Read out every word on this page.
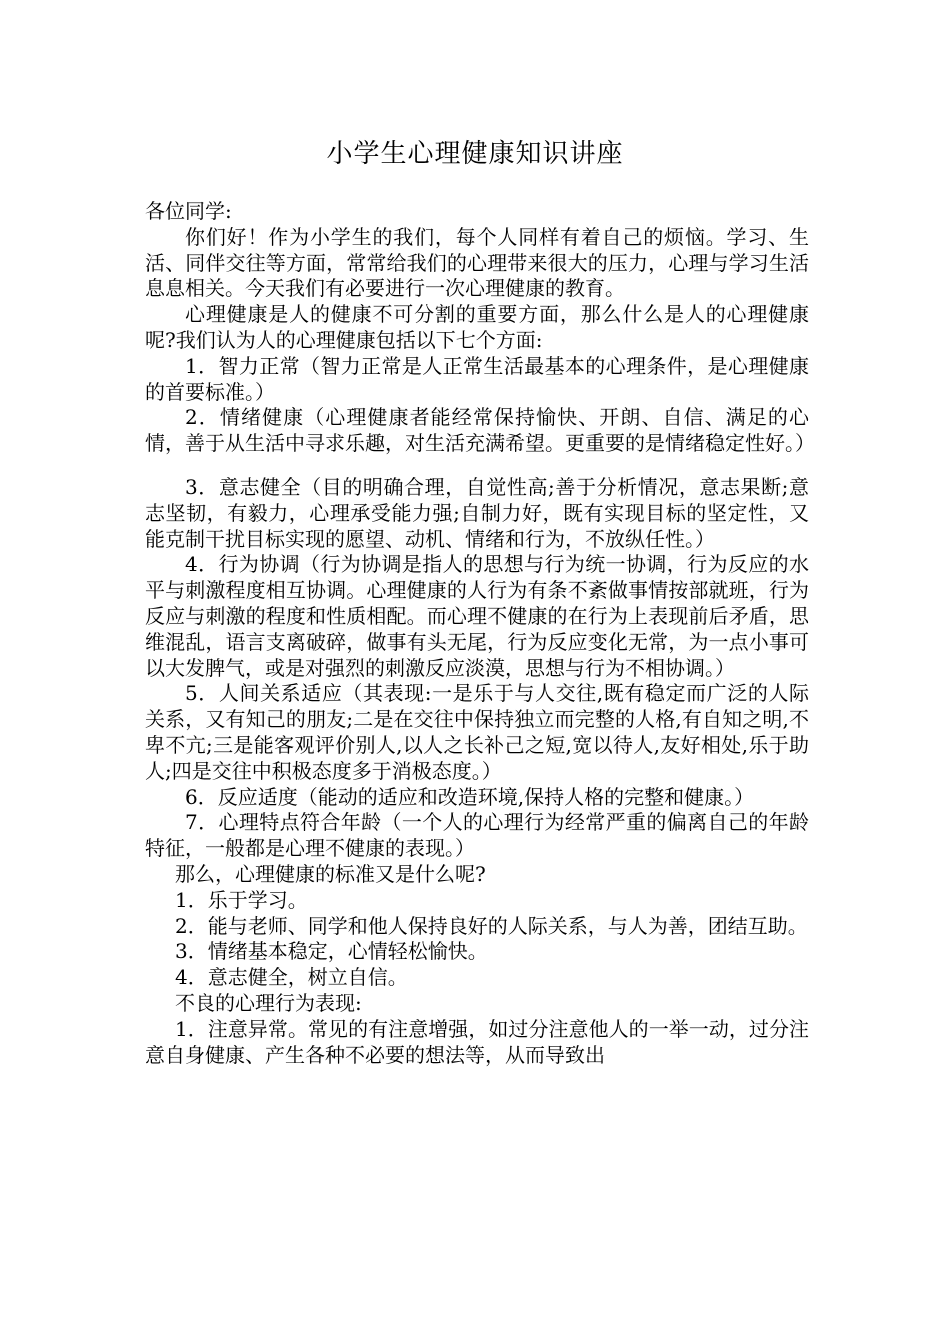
小学生心理健康知识讲座

各位同学:

你们好！作为小学生的我们，每个人同样有着自己的烦恼。学习、生活、同伴交往等方面，常常给我们的心理带来很大的压力，心理与学习生活息息相关。今天我们有必要进行一次心理健康的教育。

心理健康是人的健康不可分割的重要方面，那么什么是人的心理健康呢?我们认为人的心理健康包括以下七个方面:

1．智力正常（智力正常是人正常生活最基本的心理条件，是心理健康的首要标准。）

2．情绪健康（心理健康者能经常保持愉快、开朗、自信、满足的心情，善于从生活中寻求乐趣，对生活充满希望。更重要的是情绪稳定性好。）

3．意志健全（目的明确合理，自觉性高;善于分析情况，意志果断;意志坚韧，有毅力，心理承受能力强;自制力好，既有实现目标的坚定性，又能克制干扰目标实现的愿望、动机、情绪和行为，不放纵任性。）

4．行为协调（行为协调是指人的思想与行为统一协调，行为反应的水平与刺激程度相互协调。心理健康的人行为有条不紊做事情按部就班，行为反应与刺激的程度和性质相配。而心理不健康的在行为上表现前后矛盾，思维混乱，语言支离破碎，做事有头无尾，行为反应变化无常，为一点小事可以大发脾气，或是对强烈的刺激反应淡漠，思想与行为不相协调。）

5．人间关系适应（其表现:一是乐于与人交往,既有稳定而广泛的人际关系，又有知己的朋友;二是在交往中保持独立而完整的人格,有自知之明,不卑不亢;三是能客观评价别人,以人之长补己之短,宽以待人,友好相处,乐于助人;四是交往中积极态度多于消极态度。）

6．反应适度（能动的适应和改造环境,保持人格的完整和健康。）

7．心理特点符合年龄（一个人的心理行为经常严重的偏离自己的年龄特征，一般都是心理不健康的表现。）

那么，心理健康的标准又是什么呢?

1．乐于学习。

2．能与老师、同学和他人保持良好的人际关系，与人为善，团结互助。

3．情绪基本稳定，心情轻松愉快。

4．意志健全，树立自信。

不良的心理行为表现:

1．注意异常。常见的有注意增强，如过分注意他人的一举一动，过分注意自身健康、产生各种不必要的想法等，从而导致出
